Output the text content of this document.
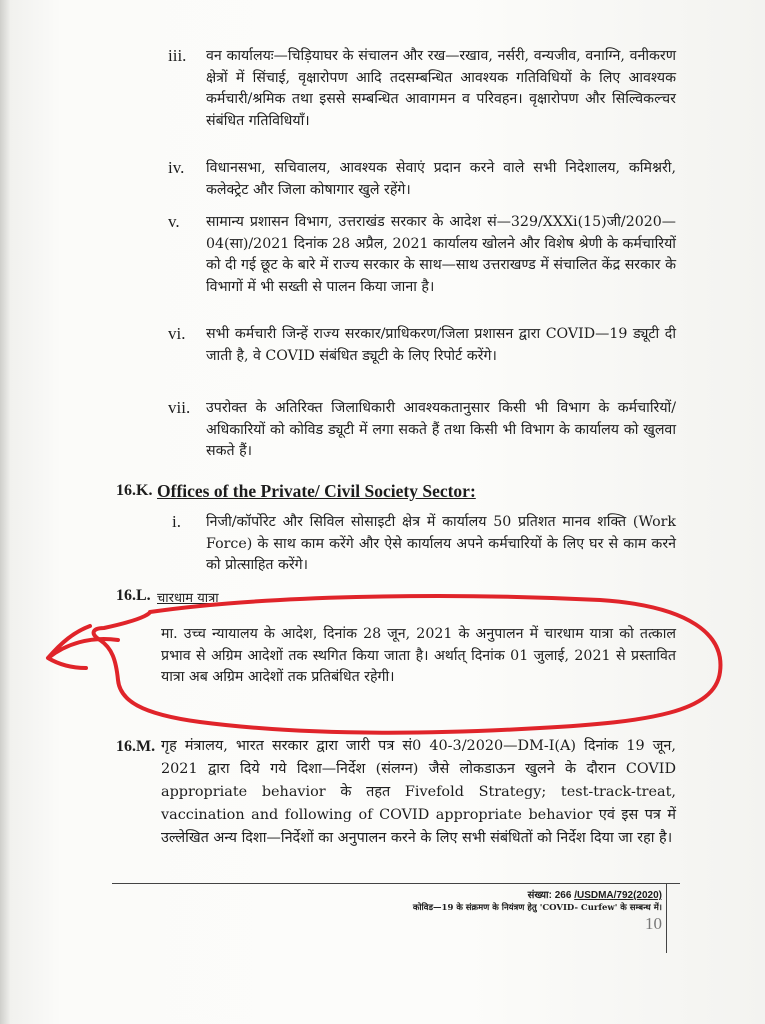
iii.	वन कार्यालयः—चिड़ियाघर के संचालन और रख—रखाव, नर्सरी, वन्यजीव, वनाग्नि, वनीकरण क्षेत्रों में सिंचाई, वृक्षारोपण आदि तदसम्बन्धित आवश्यक गतिविधियों के लिए आवश्यक कर्मचारी/श्रमिक तथा इससे सम्बन्धित आवागमन व परिवहन। वृक्षारोपण और सिल्विकल्चर संबंधित गतिविधियाँ।
iv.	विधानसभा, सचिवालय, आवश्यक सेवाएं प्रदान करने वाले सभी निदेशालय, कमिश्नरी, कलेक्ट्रेट और जिला कोषागार खुले रहेंगे।
v.	सामान्य प्रशासन विभाग, उत्तराखंड सरकार के आदेश सं—329/XXXi(15)जी/2020—04(सा)/2021 दिनांक 28 अप्रैल, 2021 कार्यालय खोलने और विशेष श्रेणी के कर्मचारियों को दी गई छूट के बारे में राज्य सरकार के साथ—साथ उत्तराखण्ड में संचालित केंद्र सरकार के विभागों में भी सख्ती से पालन किया जाना है।
vi.	सभी कर्मचारी जिन्हें राज्य सरकार/प्राधिकरण/जिला प्रशासन द्वारा COVID—19 ड्यूटी दी जाती है, वे COVID संबंधित ड्यूटी के लिए रिपोर्ट करेंगे।
vii.	उपरोक्त के अतिरिक्त जिलाधिकारी आवश्यकतानुसार किसी भी विभाग के कर्मचारियों/अधिकारियों को कोविड ड्यूटी में लगा सकते हैं तथा किसी भी विभाग के कार्यालय को खुलवा सकते हैं।
16.K. Offices of the Private/ Civil Society Sector:
i.	निजी/कॉर्पोरेट और सिविल सोसाइटी क्षेत्र में कार्यालय 50 प्रतिशत मानव शक्ति (Work Force) के साथ काम करेंगे और ऐसे कार्यालय अपने कर्मचारियों के लिए घर से काम करने को प्रोत्साहित करेंगे।
16.L. चारधाम यात्रा
मा. उच्च न्यायालय के आदेश, दिनांक 28 जून, 2021 के अनुपालन में चारधाम यात्रा को तत्काल प्रभाव से अग्रिम आदेशों तक स्थगित किया जाता है। अर्थात् दिनांक 01 जुलाई, 2021 से प्रस्तावित यात्रा अब अग्रिम आदेशों तक प्रतिबंधित रहेगी।
16.M. गृह मंत्रालय, भारत सरकार द्वारा जारी पत्र सं0 40-3/2020—DM-I(A) दिनांक 19 जून, 2021 द्वारा दिये गये दिशा—निर्देश (संलग्न) जैसे लोकडाऊन खुलने के दौरान COVID appropriate behavior के तहत Fivefold Strategy; test-track-treat, vaccination and following of COVID appropriate behavior एवं इस पत्र में उल्लेखित अन्य दिशा—निर्देशों का अनुपालन करने के लिए सभी संबंधितों को निर्देश दिया जा रहा है।
संख्या: 266 /USDMA/792(2020)
कोविड—19 के संक्रमण के नियंत्रण हेतु 'COVID- Curfew' के सम्बन्ध में।
10
